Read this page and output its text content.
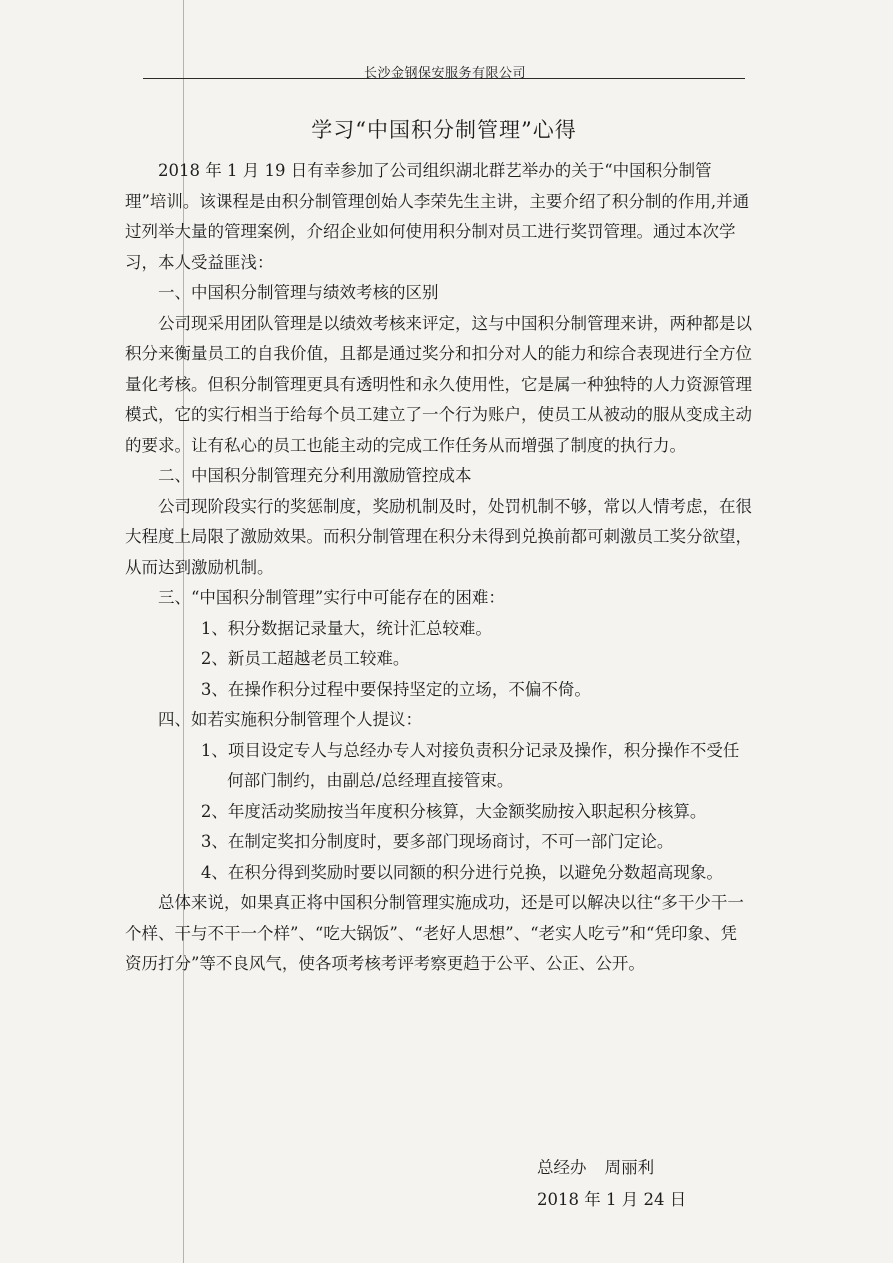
长沙金钢保安服务有限公司
学习“中国积分制管理”心得

2018 年 1 月 19 日有幸参加了公司组织湖北群艺举办的关于“中国积分制管理”培训。该课程是由积分制管理创始人李荣先生主讲，主要介绍了积分制的作用,并通过列举大量的管理案例，介绍企业如何使用积分制对员工进行奖罚管理。通过本次学习，本人受益匪浅：

一、中国积分制管理与绩效考核的区别

公司现采用团队管理是以绩效考核来评定，这与中国积分制管理来讲，两种都是以积分来衡量员工的自我价值，且都是通过奖分和扣分对人的能力和综合表现进行全方位量化考核。但积分制管理更具有透明性和永久使用性，它是属一种独特的人力资源管理模式，它的实行相当于给每个员工建立了一个行为账户，使员工从被动的服从变成主动的要求。让有私心的员工也能主动的完成工作任务从而增强了制度的执行力。

二、中国积分制管理充分利用激励管控成本

公司现阶段实行的奖惩制度，奖励机制及时，处罚机制不够，常以人情考虑，在很大程度上局限了激励效果。而积分制管理在积分未得到兑换前都可刺激员工奖分欲望，从而达到激励机制。

三、“中国积分制管理”实行中可能存在的困难：

1、积分数据记录量大，统计汇总较难。

2、新员工超越老员工较难。

3、在操作积分过程中要保持坚定的立场，不偏不倚。

四、如若实施积分制管理个人提议：

1、项目设定专人与总经办专人对接负责积分记录及操作，积分操作不受任何部门制约，由副总/总经理直接管束。

2、年度活动奖励按当年度积分核算，大金额奖励按入职起积分核算。

3、在制定奖扣分制度时，要多部门现场商讨，不可一部门定论。

4、在积分得到奖励时要以同额的积分进行兑换，以避免分数超高现象。

总体来说，如果真正将中国积分制管理实施成功，还是可以解决以往“多干少干一个样、干与不干一个样”、“吃大锅饭”、“老好人思想”、“老实人吃亏”和“凭印象、凭资历打分”等不良风气，使各项考核考评考察更趋于公平、公正、公开。

总经办 周丽利
2018 年 1 月 24 日
